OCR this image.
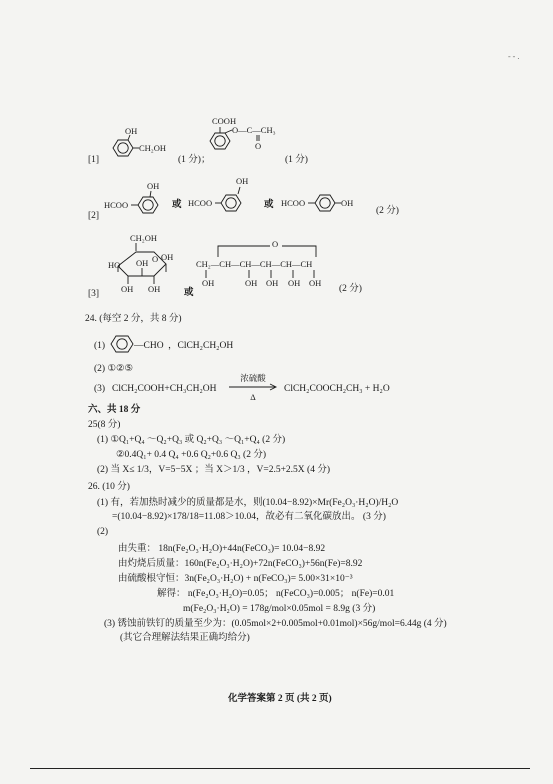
- - .
[1]
OH
CH₂OH
(1 分)；
COOH
O—C—CH₃
O
(1 分)
[2]
HCOO
OH
或 HCOO
OH
或 HCOO	OH
(2 分)
[3]
CH₂OH
O
HO OH
OH
OH OH 或
O
CH₂—CH—CH—CH—CH—CH
OH	OH OH OH OH
(2 分)
24. (每空 2 分，共 8 分)
(1)	—CHO ，ClCH₂CH₂OH
(2) ①②⑤
(3) ClCH₂COOH+CH₃CH₂OH
浓硫酸
Δ
ClCH₂COOCH₂CH₃ + H₂O
六、共 18 分
25(8 分)
(1) ①Q₁+Q₄ ～Q₂+Q₃ 或 Q₂+Q₃ ～Q₁+Q₄ (2 分)
②0.4Q₁+ 0.4 Q₄ +0.6 Q₂+0.6 Q₃ (2 分)
(2) 当 X≤ 1/3，V=5−5X ；当 X＞1/3 ，V=2.5+2.5X (4 分)
26. (10 分)
(1) 有，若加热时减少的质量都是水，则(10.04−8.92)×Mr(Fe₂O₃·H₂O)/H₂O
=(10.04−8.92)×178/18=11.08＞10.04，故必有二氧化碳放出。 (3 分)
(2)
由失重： 18n(Fe₂O₃·H₂O)+44n(FeCO₃)= 10.04−8.92
由灼烧后质量：160n(Fe₂O₃·H₂O)+72n(FeCO₃)+56n(Fe)=8.92
由硫酸根守恒：3n(Fe₂O₃·H₂O) + n(FeCO₃)= 5.00×31×10⁻³
解得： n(Fe₂O₃·H₂O)=0.05； n(FeCO₃)=0.005； n(Fe)=0.01
m(Fe₂O₃·H₂O) = 178g/mol×0.05mol = 8.9g (3 分)
(3) 锈蚀前铁钉的质量至少为：(0.05mol×2+0.005mol+0.01mol)×56g/mol=6.44g (4 分)
(其它合理解法结果正确均给分)
化学答案第 2 页 (共 2 页)
